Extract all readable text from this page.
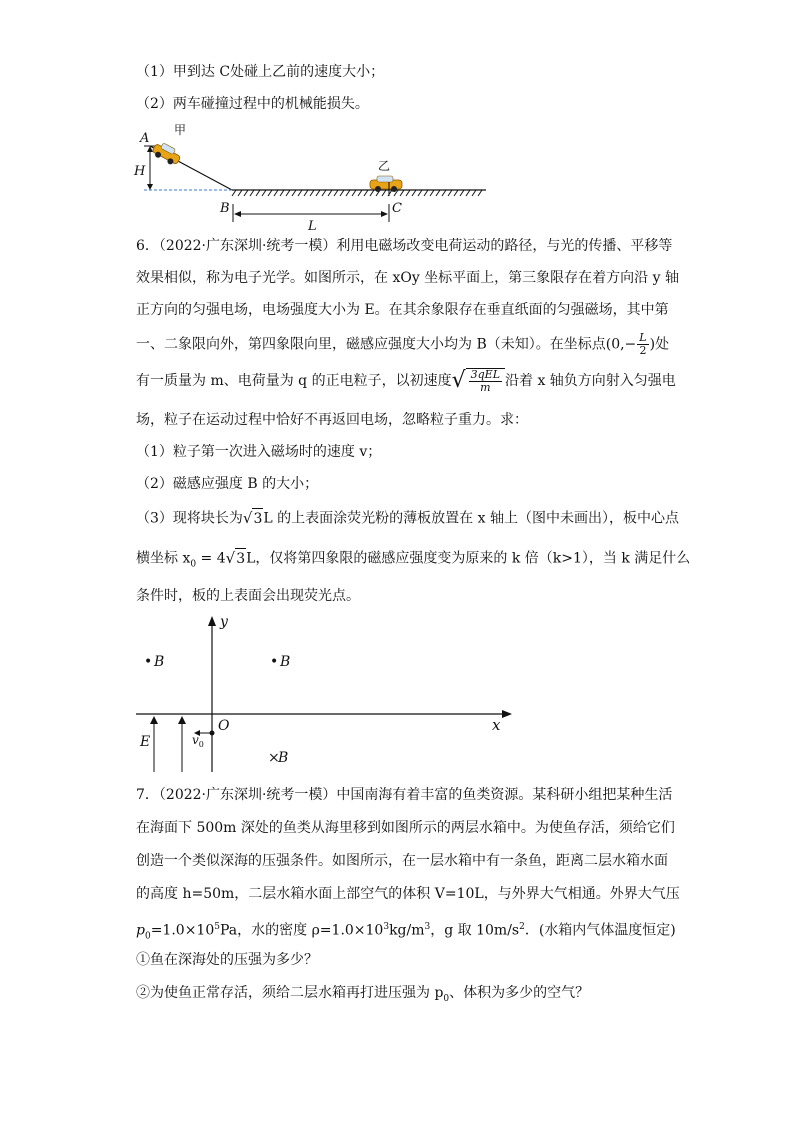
（1）甲到达 C处碰上乙前的速度大小；
（2）两车碰撞过程中的机械能损失。
A
甲
H
B
L
C
乙
6．（2022·广东深圳·统考一模）利用电磁场改变电荷运动的路径，与光的传播、平移等
效果相似，称为电子光学。如图所示，在 xOy 坐标平面上，第三象限存在着方向沿 y 轴
正方向的匀强电场，电场强度大小为 E。在其余象限存在垂直纸面的匀强磁场，其中第
一、二象限向外，第四象限向里，磁感应强度大小均为 B（未知）。在坐标点($0,- \frac{L}{2}$ )处
有一质量为 m、电荷量为 q 的正电粒子，以初速度 √ $\frac{\text{3qEL}}{m}$ 沿着 x 轴负方向射入匀强电
场，粒子在运动过程中恰好不再返回电场，忽略粒子重力。求：
（1）粒子第一次进入磁场时的速度 v；
（2）磁感应强度 B 的大小；
（3）现将块长为 √ 3 L 的上表面涂荧光粉的薄板放置在 x 轴上（图中未画出），板中心点
横坐标 $x_0 = 4$ √ 3 L，仅将第四象限的磁感应强度变为原来的 k 倍（k>1），当 k 满足什么
条件时，板的上表面会出现荧光点。
y
x
O
• B	• B
×
B
E	$v_0$
7．（2022·广东深圳·统考一模）中国南海有着丰富的鱼类资源。某科研小组把某种生活
在海面下 500m 深处的鱼类从海里移到如图所示的两层水箱中。为使鱼存活，须给它们
创造一个类似深海的压强条件。如图所示，在一层水箱中有一条鱼，距离二层水箱水面
的高度 h=50m，二层水箱水面上部空气的体积 V=10L，与外界大气相通。外界大气压
$p_0=1.0\times 10^5Pa$，水的密度 $\rho=1.0\times 10^3kg/m^3$，g 取 $10m/s^2$．(水箱内气体温度恒定)
①鱼在深海处的压强为多少？
②为使鱼正常存活，须给二层水箱再打进压强为 $p_0$、体积为多少的空气？
